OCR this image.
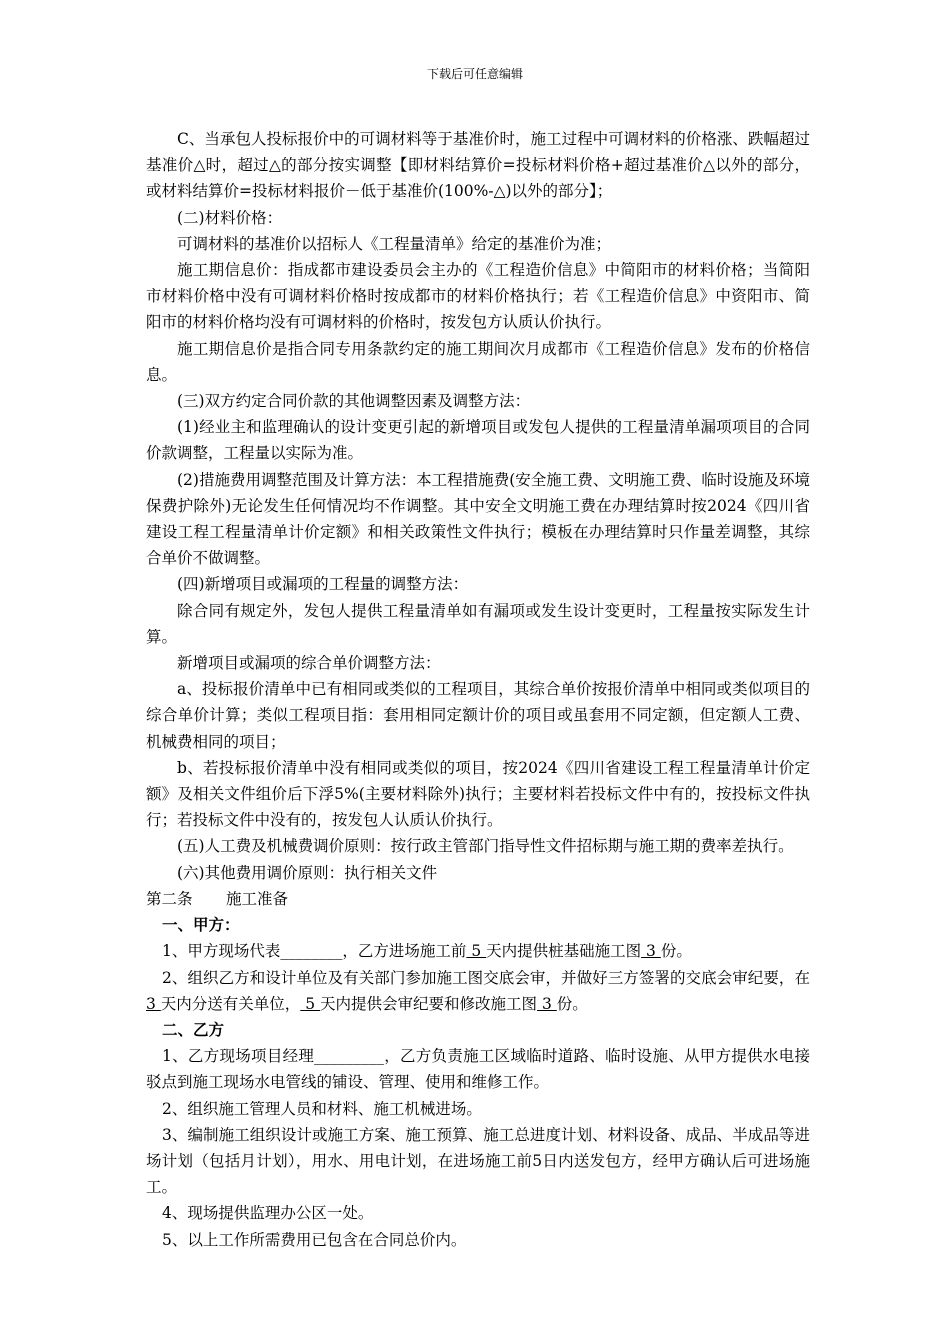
下载后可任意编辑

C、当承包人投标报价中的可调材料等于基准价时，施工过程中可调材料的价格涨、跌幅超过基准价△时，超过△的部分按实调整【即材料结算价=投标材料价格+超过基准价△以外的部分，或材料结算价=投标材料报价－低于基准价(100%-△)以外的部分】；

(二)材料价格：

可调材料的基准价以招标人《工程量清单》给定的基准价为准；

施工期信息价：指成都市建设委员会主办的《工程造价信息》中简阳市的材料价格；当简阳市材料价格中没有可调材料价格时按成都市的材料价格执行；若《工程造价信息》中资阳市、简阳市的材料价格均没有可调材料的价格时，按发包方认质认价执行。

施工期信息价是指合同专用条款约定的施工期间次月成都市《工程造价信息》发布的价格信息。

(三)双方约定合同价款的其他调整因素及调整方法：

(1)经业主和监理确认的设计变更引起的新增项目或发包人提供的工程量清单漏项项目的合同价款调整，工程量以实际为准。

(2)措施费用调整范围及计算方法：本工程措施费(安全施工费、文明施工费、临时设施及环境保费护除外)无论发生任何情况均不作调整。其中安全文明施工费在办理结算时按2024《四川省建设工程工程量清单计价定额》和相关政策性文件执行；模板在办理结算时只作量差调整，其综合单价不做调整。

(四)新增项目或漏项的工程量的调整方法：

除合同有规定外，发包人提供工程量清单如有漏项或发生设计变更时，工程量按实际发生计算。

新增项目或漏项的综合单价调整方法：

a、投标报价清单中已有相同或类似的工程项目，其综合单价按报价清单中相同或类似项目的综合单价计算；类似工程项目指：套用相同定额计价的项目或虽套用不同定额，但定额人工费、机械费相同的项目；

b、若投标报价清单中没有相同或类似的项目，按2024《四川省建设工程工程量清单计价定额》及相关文件组价后下浮5%(主要材料除外)执行；主要材料若投标文件中有的，按投标文件执行；若投标文件中没有的，按发包人认质认价执行。

(五)人工费及机械费调价原则：按行政主管部门指导性文件招标期与施工期的费率差执行。

(六)其他费用调价原则：执行相关文件

第二条 施工准备

一、甲方：

1、甲方现场代表________，乙方进场施工前 5 天内提供桩基础施工图 3 份。

2、组织乙方和设计单位及有关部门参加施工图交底会审，并做好三方签署的交底会审纪要，在 3 天内分送有关单位， 5 天内提供会审纪要和修改施工图 3 份。

二、乙方

1、乙方现场项目经理_________，乙方负责施工区域临时道路、临时设施、从甲方提供水电接驳点到施工现场水电管线的铺设、管理、使用和维修工作。

2、组织施工管理人员和材料、施工机械进场。

3、编制施工组织设计或施工方案、施工预算、施工总进度计划、材料设备、成品、半成品等进场计划（包括月计划），用水、用电计划，在进场施工前5日内送发包方，经甲方确认后可进场施工。

4、现场提供监理办公区一处。

5、以上工作所需费用已包含在合同总价内。
